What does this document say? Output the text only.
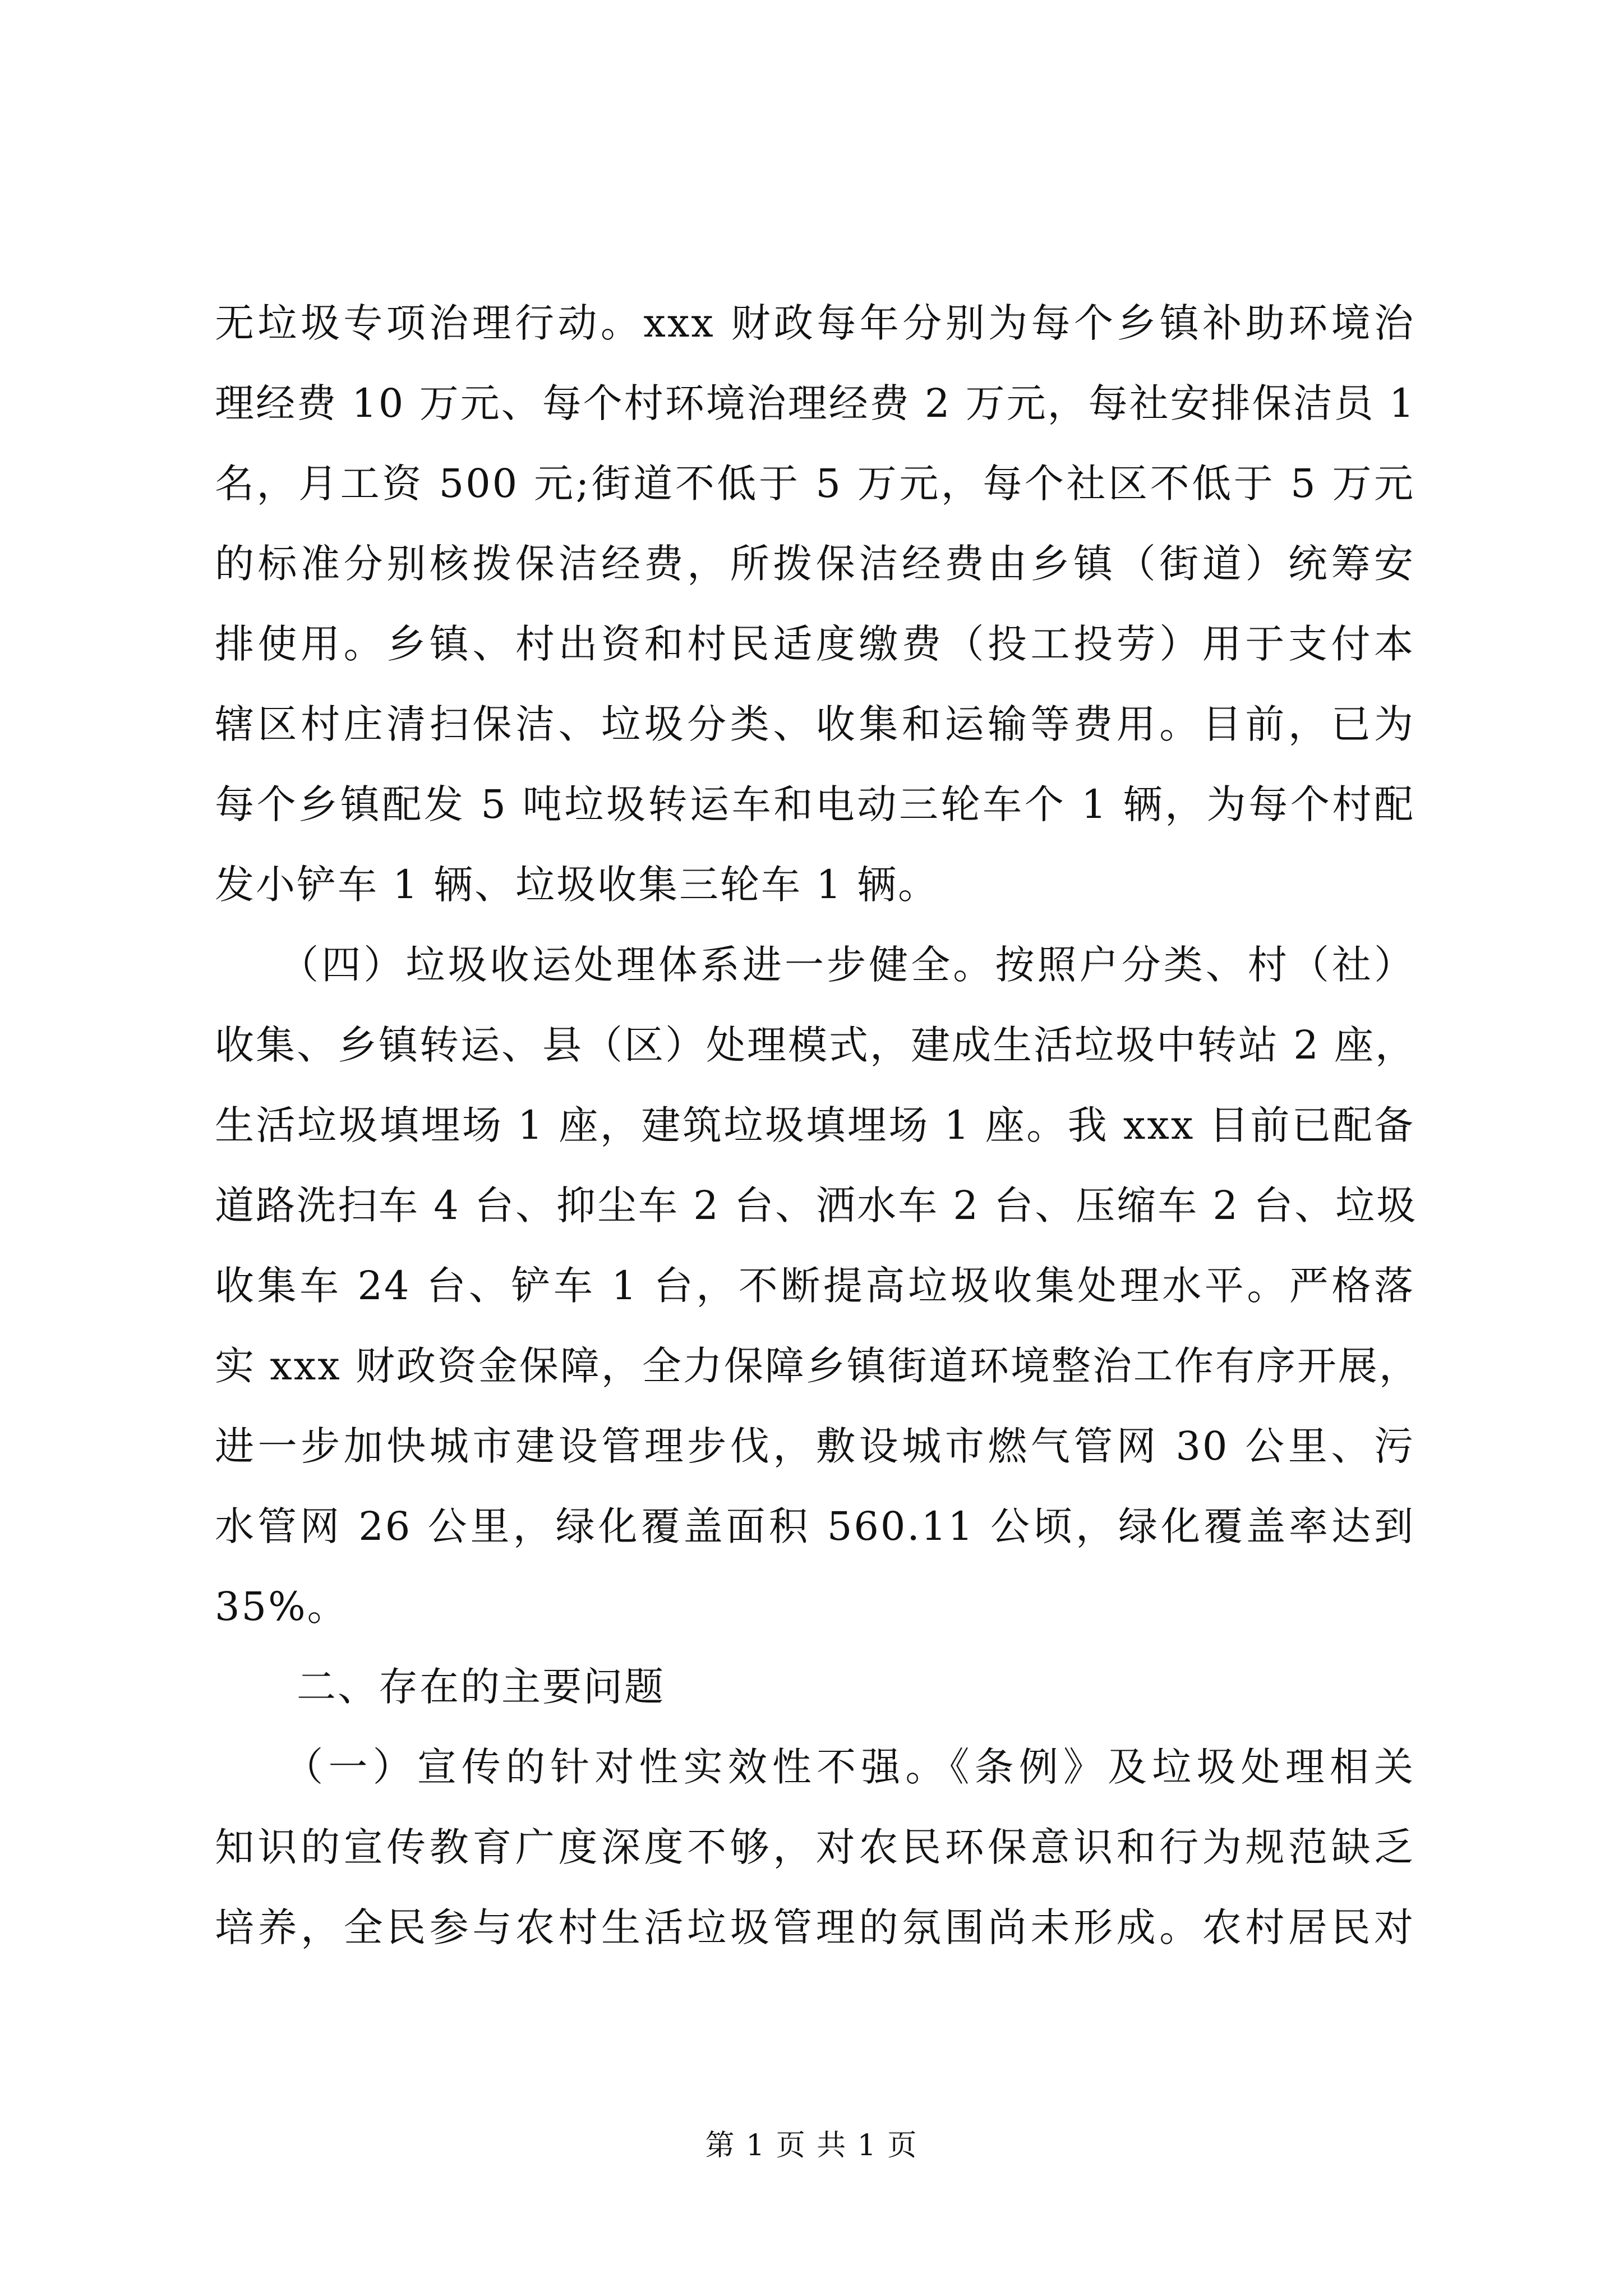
无垃圾专项治理行动。xxx 财政每年分别为每个乡镇补助环境治
理经费 10 万元、每个村环境治理经费 2 万元，每社安排保洁员 1
名，月工资 500 元;街道不低于 5 万元，每个社区不低于 5 万元
的标准分别核拨保洁经费，所拨保洁经费由乡镇（街道）统筹安
排使用。乡镇、村出资和村民适度缴费（投工投劳）用于支付本
辖区村庄清扫保洁、垃圾分类、收集和运输等费用。目前，已为
每个乡镇配发 5 吨垃圾转运车和电动三轮车个 1 辆，为每个村配
发小铲车 1 辆、垃圾收集三轮车 1 辆。
　　（四）垃圾收运处理体系进一步健全。按照户分类、村（社）
收集、乡镇转运、县（区）处理模式，建成生活垃圾中转站 2 座，
生活垃圾填埋场 1 座，建筑垃圾填埋场 1 座。我 xxx 目前已配备
道路洗扫车 4 台、抑尘车 2 台、洒水车 2 台、压缩车 2 台、垃圾
收集车 24 台、铲车 1 台，不断提高垃圾收集处理水平。严格落
实 xxx 财政资金保障，全力保障乡镇街道环境整治工作有序开展，
进一步加快城市建设管理步伐，敷设城市燃气管网 30 公里、污
水管网 26 公里，绿化覆盖面积 560.11 公顷，绿化覆盖率达到
35%。
　　二、存在的主要问题
　　（一）宣传的针对性实效性不强。《条例》及垃圾处理相关
知识的宣传教育广度深度不够，对农民环保意识和行为规范缺乏
培养，全民参与农村生活垃圾管理的氛围尚未形成。农村居民对
第 1 页 共 1 页
